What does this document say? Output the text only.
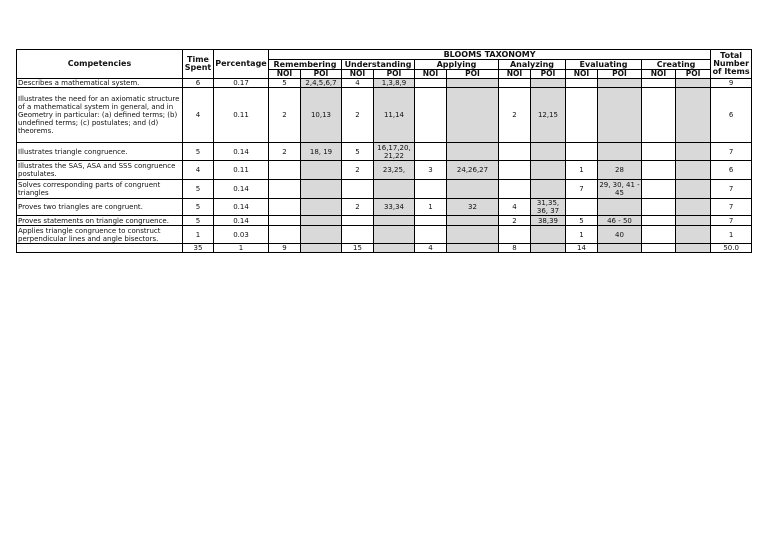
Competencies	Time Spent	Percentage	BLOOMS TAXONOMY												Total Number of Items
			Remembering		Understanding		Applying		Analyzing		Evaluating		Creating		
			NOI	POI	NOI	POI	NOI	POI	NOI	POI	NOI	POI	NOI	POI	
Describes a mathematical system.	6	0.17	5	2,4,5,6,7	4	1,3,8,9									9
Illustrates the need for an axiomatic structure of a mathematical system in general, and in Geometry in particular: (a) defined terms; (b) undefined terms; (c) postulates; and (d) theorems.	4	0.11	2	10,13	2	11,14			2	12,15					6
Illustrates triangle congruence.	5	0.14	2	18, 19	5	16,17,20, 21,22									7
Illustrates the SAS, ASA and SSS congruence postulates.	4	0.11			2	23,25,	3	24,26,27			1	28			6
Solves corresponding parts of congruent triangles	5	0.14									7	29, 30, 41 - 45			7
Proves two triangles are congruent.	5	0.14			2	33,34	1	32	4	31,35, 36, 37					7
Proves statements on triangle congruence.	5	0.14							2	38,39	5	46 - 50			7
Applies triangle congruence to construct perpendicular lines and angle bisectors.	1	0.03									1	40			1
	35	1	9		15		4		8		14				50.0
